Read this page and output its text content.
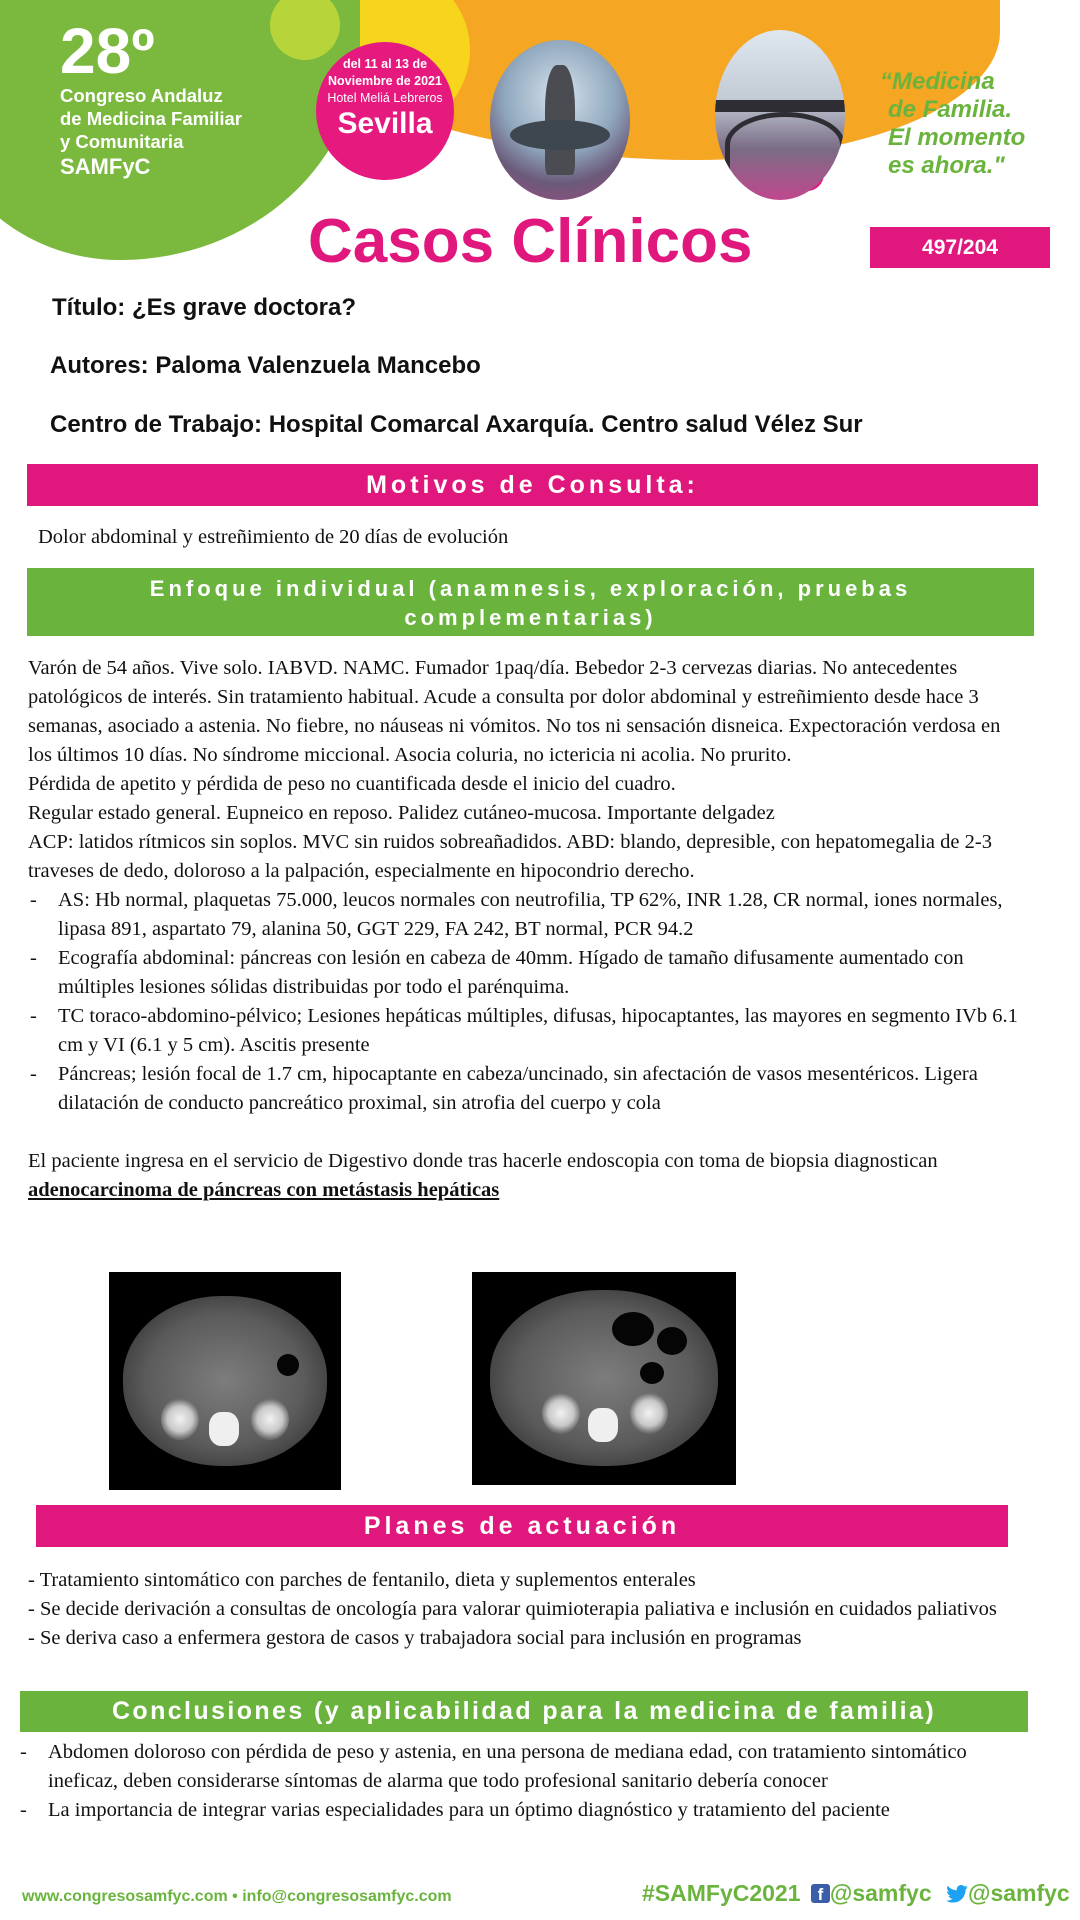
28º
Congreso Andaluz
de Medicina Familiar
y Comunitaria
SAMFyC
del 11 al 13 de
Noviembre de 2021
Hotel Meliá Lebreros
Sevilla
“Medicina
de Familia.
El momento
es ahora."
Casos Clínicos	497/204
Título: ¿Es grave doctora?
Autores: Paloma Valenzuela Mancebo
Centro de Trabajo: Hospital Comarcal Axarquía. Centro salud Vélez Sur
Motivos de Consulta:
Dolor abdominal y estreñimiento de 20 días de evolución
Enfoque individual (anamnesis, exploración, pruebas
complementarias)

Varón de 54 años. Vive solo. IABVD. NAMC. Fumador 1paq/día. Bebedor 2-3 cervezas diarias. No antecedentes patológicos de interés. Sin tratamiento habitual. Acude a consulta por dolor abdominal y estreñimiento desde hace 3 semanas, asociado a astenia. No fiebre, no náuseas ni vómitos. No tos ni sensación disneica. Expectoración verdosa en los últimos 10 días. No síndrome miccional. Asocia coluria, no ictericia ni acolia. No prurito.

Pérdida de apetito y pérdida de peso no cuantificada desde el inicio del cuadro.

Regular estado general. Eupneico en reposo. Palidez cutáneo-mucosa. Importante delgadez

ACP: latidos rítmicos sin soplos. MVC sin ruidos sobreañadidos. ABD: blando, depresible, con hepatomegalia de 2-3 traveses de dedo, doloroso a la palpación, especialmente en hipocondrio derecho.

- AS: Hb normal, plaquetas 75.000, leucos normales con neutrofilia, TP 62%, INR 1.28, CR normal, iones normales, lipasa 891, aspartato 79, alanina 50, GGT 229, FA 242, BT normal, PCR 94.2
- Ecografía abdominal: páncreas con lesión en cabeza de 40mm. Hígado de tamaño difusamente aumentado con múltiples lesiones sólidas distribuidas por todo el parénquima.
- TC toraco-abdomino-pélvico; Lesiones hepáticas múltiples, difusas, hipocaptantes, las mayores en segmento IVb 6.1 cm y VI (6.1 y 5 cm). Ascitis presente
- Páncreas; lesión focal de 1.7 cm, hipocaptante en cabeza/uncinado, sin afectación de vasos mesentéricos. Ligera dilatación de conducto pancreático proximal, sin atrofia del cuerpo y cola

El paciente ingresa en el servicio de Digestivo donde tras hacerle endoscopia con toma de biopsia diagnostican adenocarcinoma de páncreas con metástasis hepáticas

Planes de actuación

- Tratamiento sintomático con parches de fentanilo, dieta y suplementos enterales

- Se decide derivación a consultas de oncología para valorar quimioterapia paliativa e inclusión en cuidados paliativos

- Se deriva caso a enfermera gestora de casos y trabajadora social para inclusión en programas

Conclusiones (y aplicabilidad para la medicina de familia)
- Abdomen doloroso con pérdida de peso y astenia, en una persona de mediana edad, con tratamiento sintomático ineficaz, deben considerarse síntomas de alarma que todo profesional sanitario debería conocer
- La importancia de integrar varias especialidades para un óptimo diagnóstico y tratamiento del paciente
www.congresosamfyc.com • info@congresosamfyc.com	#SAMFyC2021 f @samfyc @samfyc
